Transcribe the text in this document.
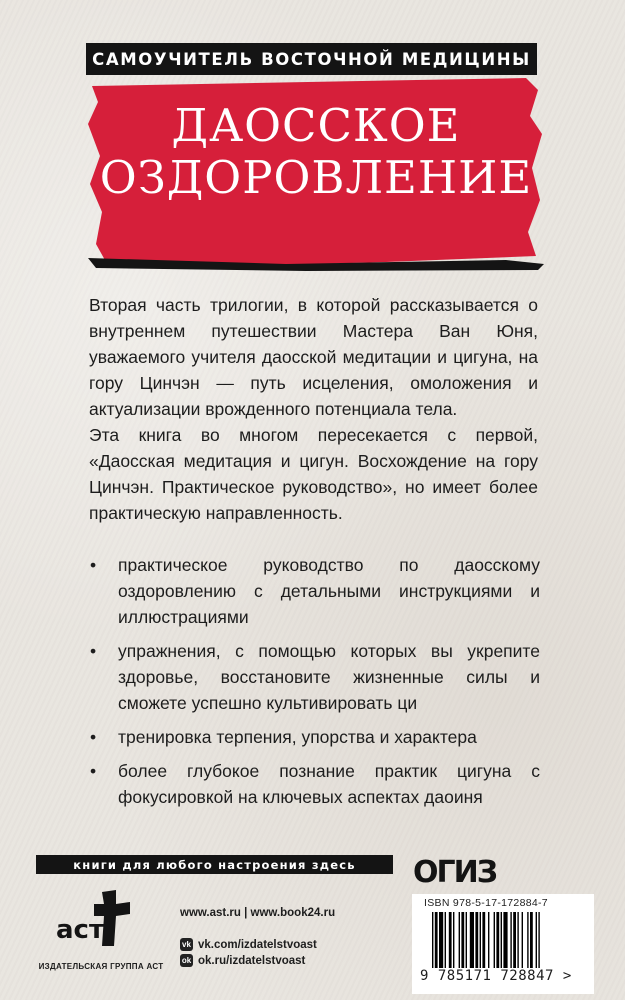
САМОУЧИТЕЛЬ ВОСТОЧНОЙ МЕДИЦИНЫ
ДАОССКОЕ
ОЗДОРОВЛЕНИЕ

Вторая часть трилогии, в которой рассказывается о внутреннем путешествии Мастера Ван Юня, уважаемого учителя даосской медитации и цигуна, на гору Цинчэн — путь исцеления, омоложения и актуализации врожденного потенциала тела.

Эта книга во многом пересекается с первой, «Даосская медитация и цигун. Восхождение на гору Цинчэн. Практическое руководство», но имеет более практическую направленность.

• практическое руководство по даосскому оздоровлению с детальными инструкциями и иллюстрациями
• упражнения, с помощью которых вы укрепите здоровье, восстановите жизненные силы и сможете успешно культивировать ци
• тренировка терпения, упорства и характера
• более глубокое познание практик цигуна с фокусировкой на ключевых аспектах даоиня
книги для любого настроения здесь
аст
ИЗДАТЕЛЬСКАЯ ГРУППА АСТ
www.ast.ru | www.book24.ru
vk vk.com/izdatelstvoast
ok ok.ru/izdatelstvoast
ОГИЗ
ISBN 978-5-17-172884-7
9 785171 728847 >
